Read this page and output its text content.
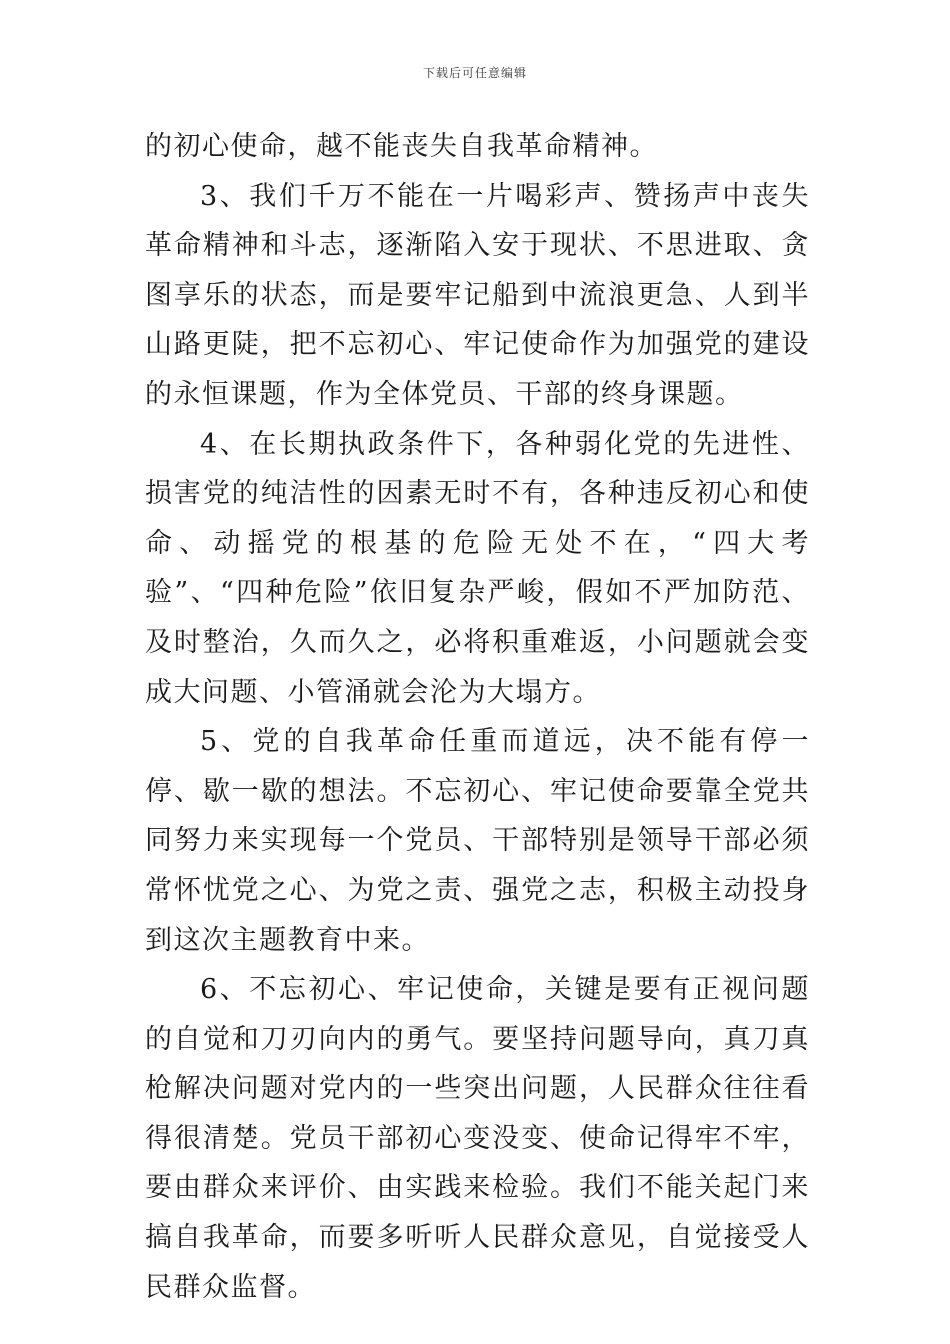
下载后可任意编辑

的初心使命，越不能丧失自我革命精神。

3、我们千万不能在一片喝彩声、赞扬声中丧失革命精神和斗志，逐渐陷入安于现状、不思进取、贪图享乐的状态，而是要牢记船到中流浪更急、人到半山路更陡，把不忘初心、牢记使命作为加强党的建设的永恒课题，作为全体党员、干部的终身课题。

4、在长期执政条件下，各种弱化党的先进性、损害党的纯洁性的因素无时不有，各种违反初心和使命、动摇党的根基的危险无处不在，“四大考验”、“四种危险”依旧复杂严峻，假如不严加防范、及时整治，久而久之，必将积重难返，小问题就会变成大问题、小管涌就会沦为大塌方。

5、党的自我革命任重而道远，决不能有停一停、歇一歇的想法。不忘初心、牢记使命要靠全党共同努力来实现每一个党员、干部特别是领导干部必须常怀忧党之心、为党之责、强党之志，积极主动投身到这次主题教育中来。

6、不忘初心、牢记使命，关键是要有正视问题的自觉和刀刃向内的勇气。要坚持问题导向，真刀真枪解决问题对党内的一些突出问题，人民群众往往看得很清楚。党员干部初心变没变、使命记得牢不牢，要由群众来评价、由实践来检验。我们不能关起门来搞自我革命，而要多听听人民群众意见，自觉接受人民群众监督。
